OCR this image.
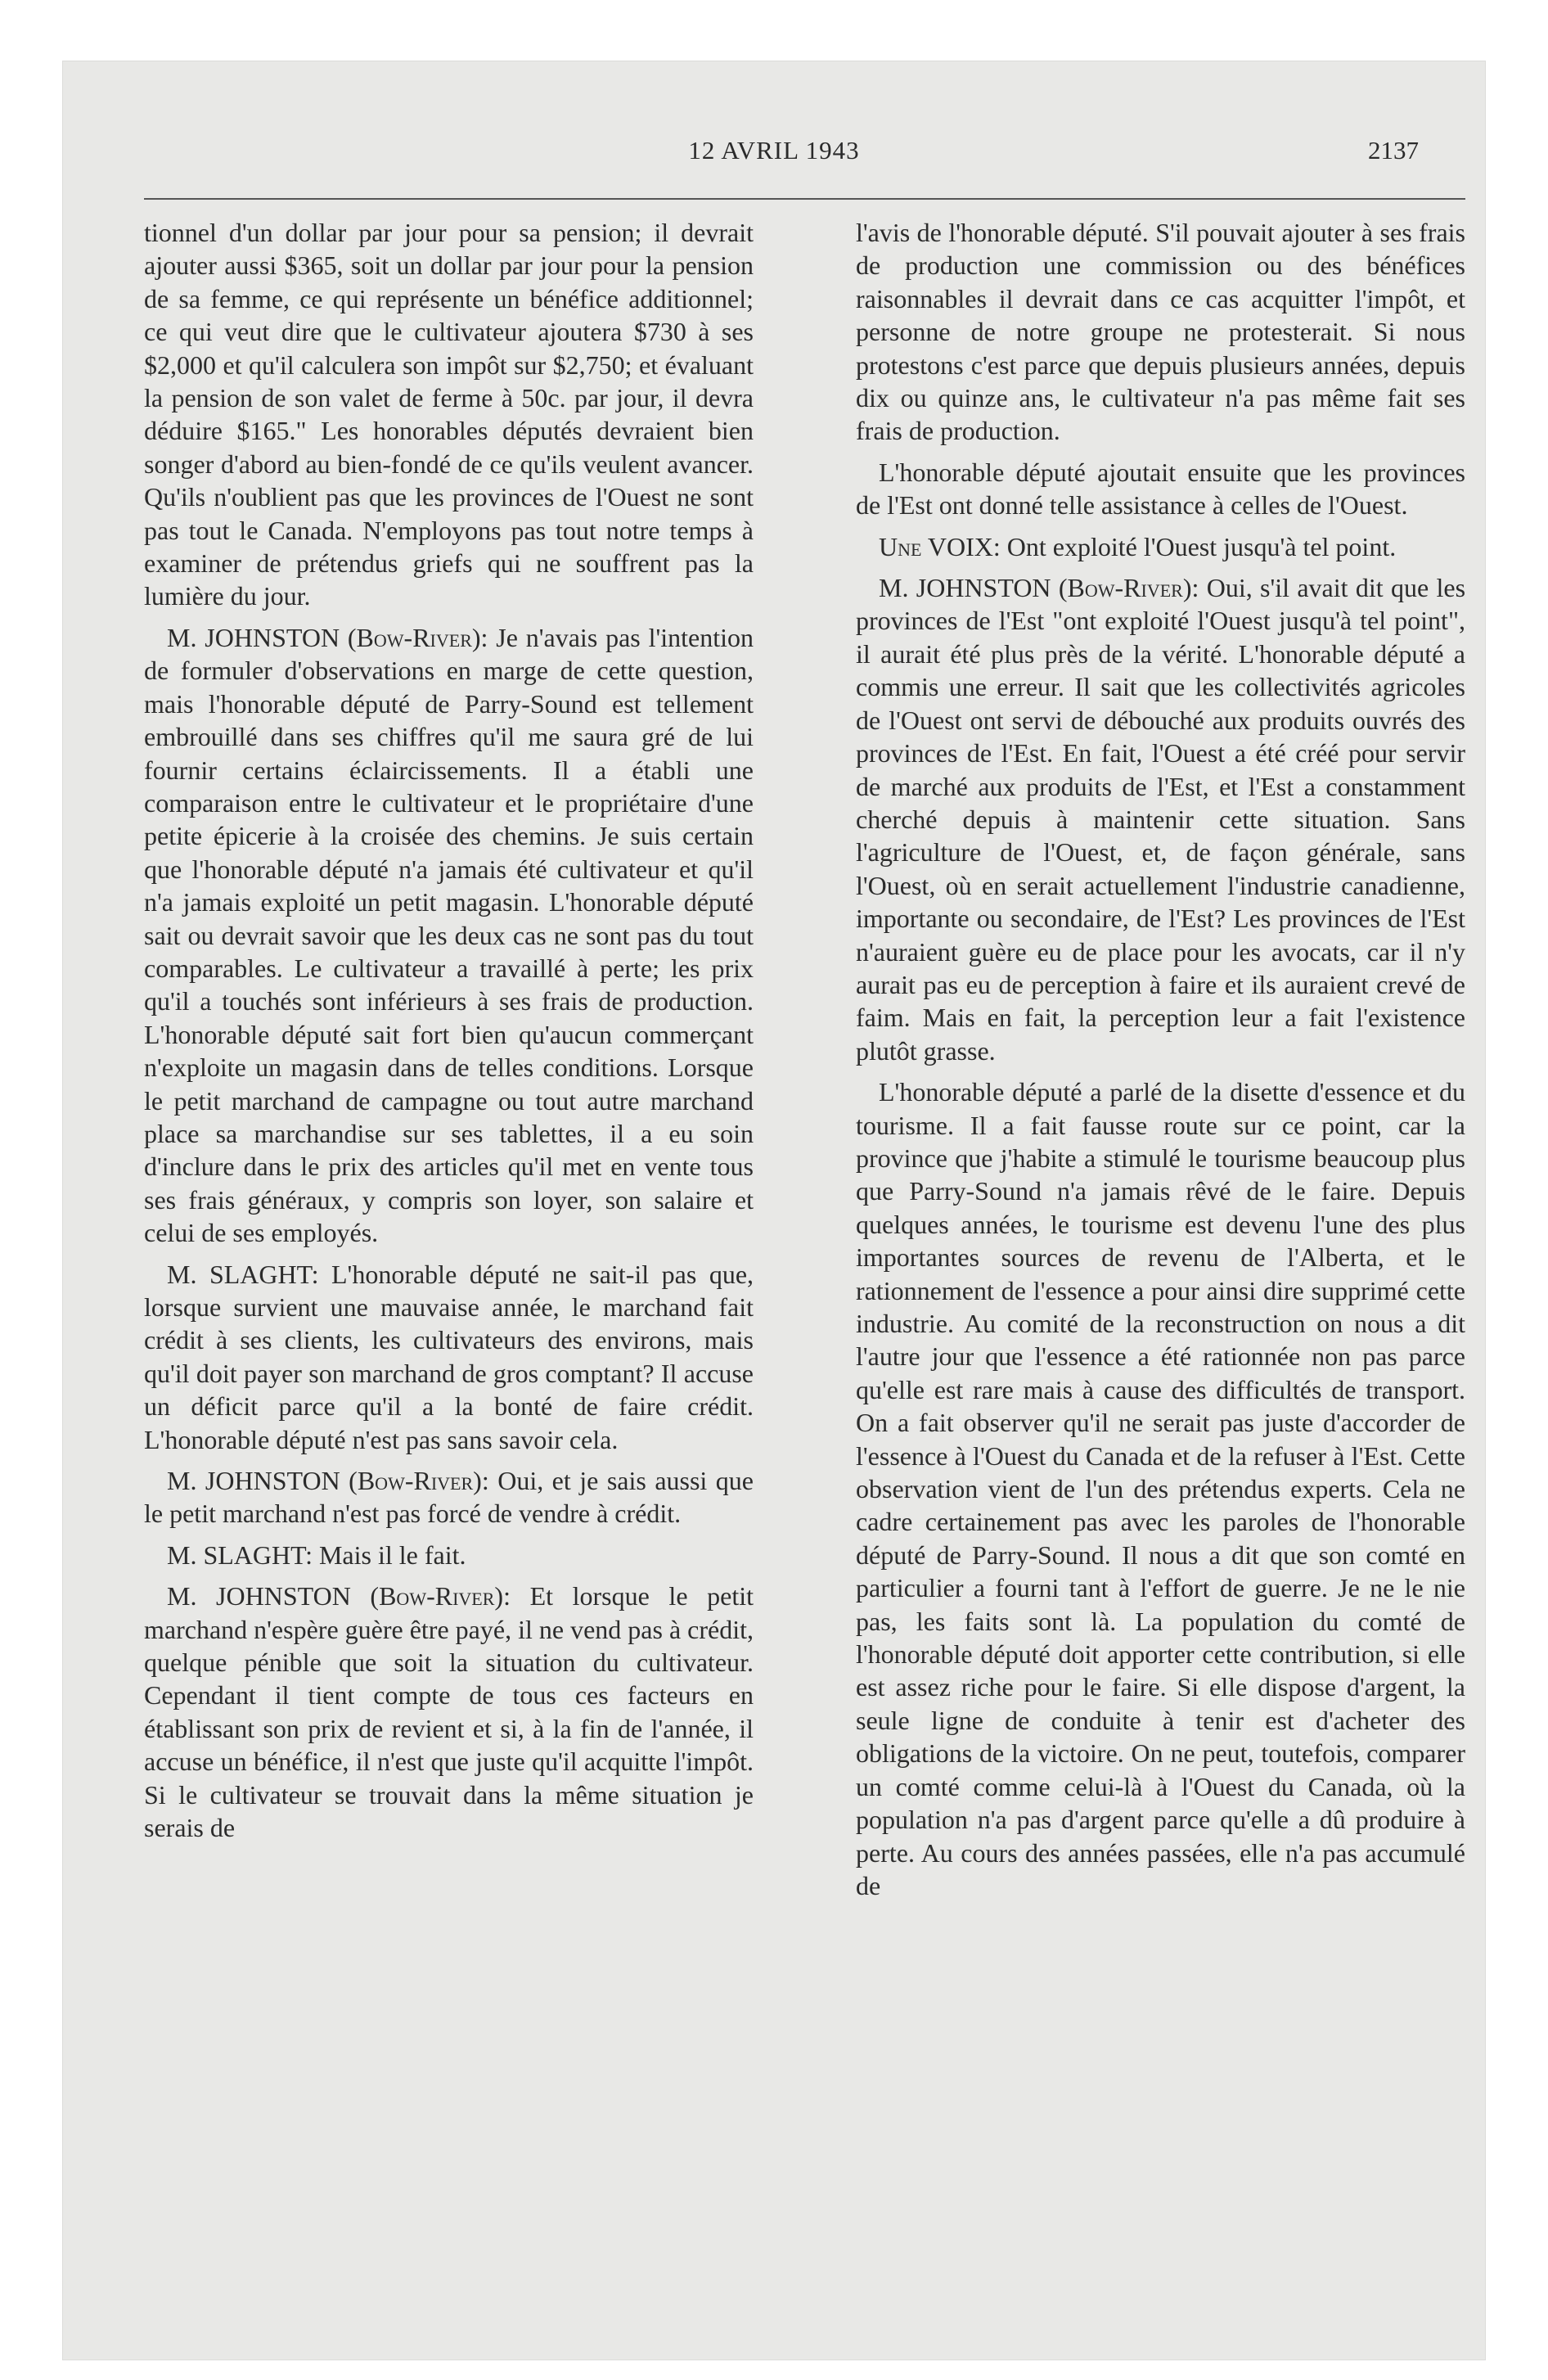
12 AVRIL 1943	2137

tionnel d'un dollar par jour pour sa pension; il devrait ajouter aussi $365, soit un dollar par jour pour la pension de sa femme, ce qui représente un bénéfice additionnel; ce qui veut dire que le cultivateur ajoutera $730 à ses $2,000 et qu'il calculera son impôt sur $2,750; et évaluant la pension de son valet de ferme à 50c. par jour, il devra déduire $165." Les honorables députés devraient bien songer d'abord au bien-fondé de ce qu'ils veulent avancer. Qu'ils n'oublient pas que les provinces de l'Ouest ne sont pas tout le Canada. N'employons pas tout notre temps à examiner de prétendus griefs qui ne souffrent pas la lumière du jour.

M. JOHNSTON (Bow-River): Je n'avais pas l'intention de formuler d'observations en marge de cette question, mais l'honorable député de Parry-Sound est tellement embrouillé dans ses chiffres qu'il me saura gré de lui fournir certains éclaircissements. Il a établi une comparaison entre le cultivateur et le propriétaire d'une petite épicerie à la croisée des chemins. Je suis certain que l'honorable député n'a jamais été cultivateur et qu'il n'a jamais exploité un petit magasin. L'honorable député sait ou devrait savoir que les deux cas ne sont pas du tout comparables. Le cultivateur a travaillé à perte; les prix qu'il a touchés sont inférieurs à ses frais de production. L'honorable député sait fort bien qu'aucun commerçant n'exploite un magasin dans de telles conditions. Lorsque le petit marchand de campagne ou tout autre marchand place sa marchandise sur ses tablettes, il a eu soin d'inclure dans le prix des articles qu'il met en vente tous ses frais généraux, y compris son loyer, son salaire et celui de ses employés.

M. SLAGHT: L'honorable député ne sait-il pas que, lorsque survient une mauvaise année, le marchand fait crédit à ses clients, les cultivateurs des environs, mais qu'il doit payer son marchand de gros comptant? Il accuse un déficit parce qu'il a la bonté de faire crédit. L'honorable député n'est pas sans savoir cela.

M. JOHNSTON (Bow-River): Oui, et je sais aussi que le petit marchand n'est pas forcé de vendre à crédit.

M. SLAGHT: Mais il le fait.

M. JOHNSTON (Bow-River): Et lorsque le petit marchand n'espère guère être payé, il ne vend pas à crédit, quelque pénible que soit la situation du cultivateur. Cependant il tient compte de tous ces facteurs en établissant son prix de revient et si, à la fin de l'année, il accuse un bénéfice, il n'est que juste qu'il acquitte l'impôt. Si le cultivateur se trouvait dans la même situation je serais de

l'avis de l'honorable député. S'il pouvait ajouter à ses frais de production une commission ou des bénéfices raisonnables il devrait dans ce cas acquitter l'impôt, et personne de notre groupe ne protesterait. Si nous protestons c'est parce que depuis plusieurs années, depuis dix ou quinze ans, le cultivateur n'a pas même fait ses frais de production.

L'honorable député ajoutait ensuite que les provinces de l'Est ont donné telle assistance à celles de l'Ouest.

Une VOIX: Ont exploité l'Ouest jusqu'à tel point.

M. JOHNSTON (Bow-River): Oui, s'il avait dit que les provinces de l'Est "ont exploité l'Ouest jusqu'à tel point", il aurait été plus près de la vérité. L'honorable député a commis une erreur. Il sait que les collectivités agricoles de l'Ouest ont servi de débouché aux produits ouvrés des provinces de l'Est. En fait, l'Ouest a été créé pour servir de marché aux produits de l'Est, et l'Est a constamment cherché depuis à maintenir cette situation. Sans l'agriculture de l'Ouest, et, de façon générale, sans l'Ouest, où en serait actuellement l'industrie canadienne, importante ou secondaire, de l'Est? Les provinces de l'Est n'auraient guère eu de place pour les avocats, car il n'y aurait pas eu de perception à faire et ils auraient crevé de faim. Mais en fait, la perception leur a fait l'existence plutôt grasse.

L'honorable député a parlé de la disette d'essence et du tourisme. Il a fait fausse route sur ce point, car la province que j'habite a stimulé le tourisme beaucoup plus que Parry-Sound n'a jamais rêvé de le faire. Depuis quelques années, le tourisme est devenu l'une des plus importantes sources de revenu de l'Alberta, et le rationnement de l'essence a pour ainsi dire supprimé cette industrie. Au comité de la reconstruction on nous a dit l'autre jour que l'essence a été rationnée non pas parce qu'elle est rare mais à cause des difficultés de transport. On a fait observer qu'il ne serait pas juste d'accorder de l'essence à l'Ouest du Canada et de la refuser à l'Est. Cette observation vient de l'un des prétendus experts. Cela ne cadre certainement pas avec les paroles de l'honorable député de Parry-Sound. Il nous a dit que son comté en particulier a fourni tant à l'effort de guerre. Je ne le nie pas, les faits sont là. La population du comté de l'honorable député doit apporter cette contribution, si elle est assez riche pour le faire. Si elle dispose d'argent, la seule ligne de conduite à tenir est d'acheter des obligations de la victoire. On ne peut, toutefois, comparer un comté comme celui-là à l'Ouest du Canada, où la population n'a pas d'argent parce qu'elle a dû produire à perte. Au cours des années passées, elle n'a pas accumulé de
